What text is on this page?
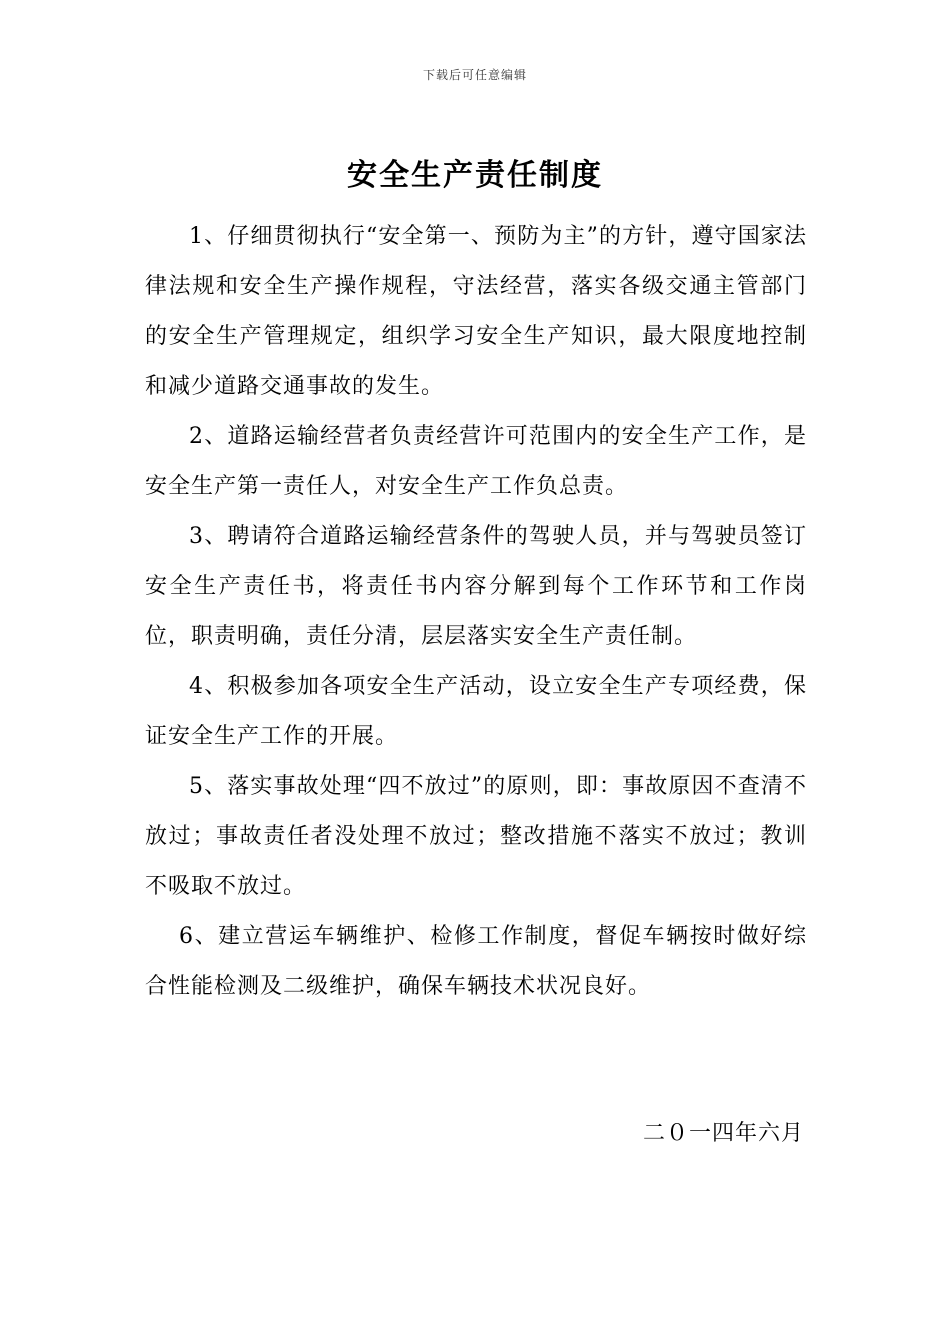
下载后可任意编辑
安全生产责任制度

1、仔细贯彻执行“安全第一、预防为主”的方针，遵守国家法律法规和安全生产操作规程，守法经营，落实各级交通主管部门的安全生产管理规定，组织学习安全生产知识，最大限度地控制和减少道路交通事故的发生。

2、道路运输经营者负责经营许可范围内的安全生产工作，是安全生产第一责任人，对安全生产工作负总责。

3、聘请符合道路运输经营条件的驾驶人员，并与驾驶员签订安全生产责任书，将责任书内容分解到每个工作环节和工作岗位，职责明确，责任分清，层层落实安全生产责任制。

4、积极参加各项安全生产活动，设立安全生产专项经费，保证安全生产工作的开展。

5、落实事故处理“四不放过”的原则，即：事故原因不查清不放过；事故责任者没处理不放过；整改措施不落实不放过；教训不吸取不放过。

6、建立营运车辆维护、检修工作制度，督促车辆按时做好综合性能检测及二级维护，确保车辆技术状况良好。

二０一四年六月
